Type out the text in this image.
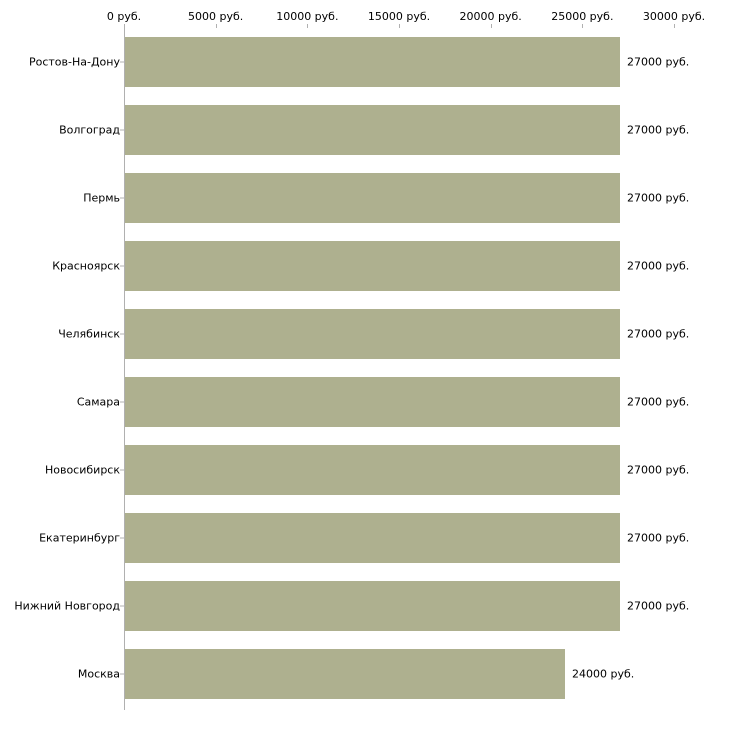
0 руб.	5000 руб.	10000 руб.	15000 руб.	20000 руб.	25000 руб.	30000 руб.
Ростов-На-Дону	27000 руб.
Волгоград	27000 руб.
Пермь	27000 руб.
Красноярск	27000 руб.
Челябинск	27000 руб.
Самара	27000 руб.
Новосибирск	27000 руб.
Екатеринбург	27000 руб.
Нижний Новгород	27000 руб.
Москва	24000 руб.
